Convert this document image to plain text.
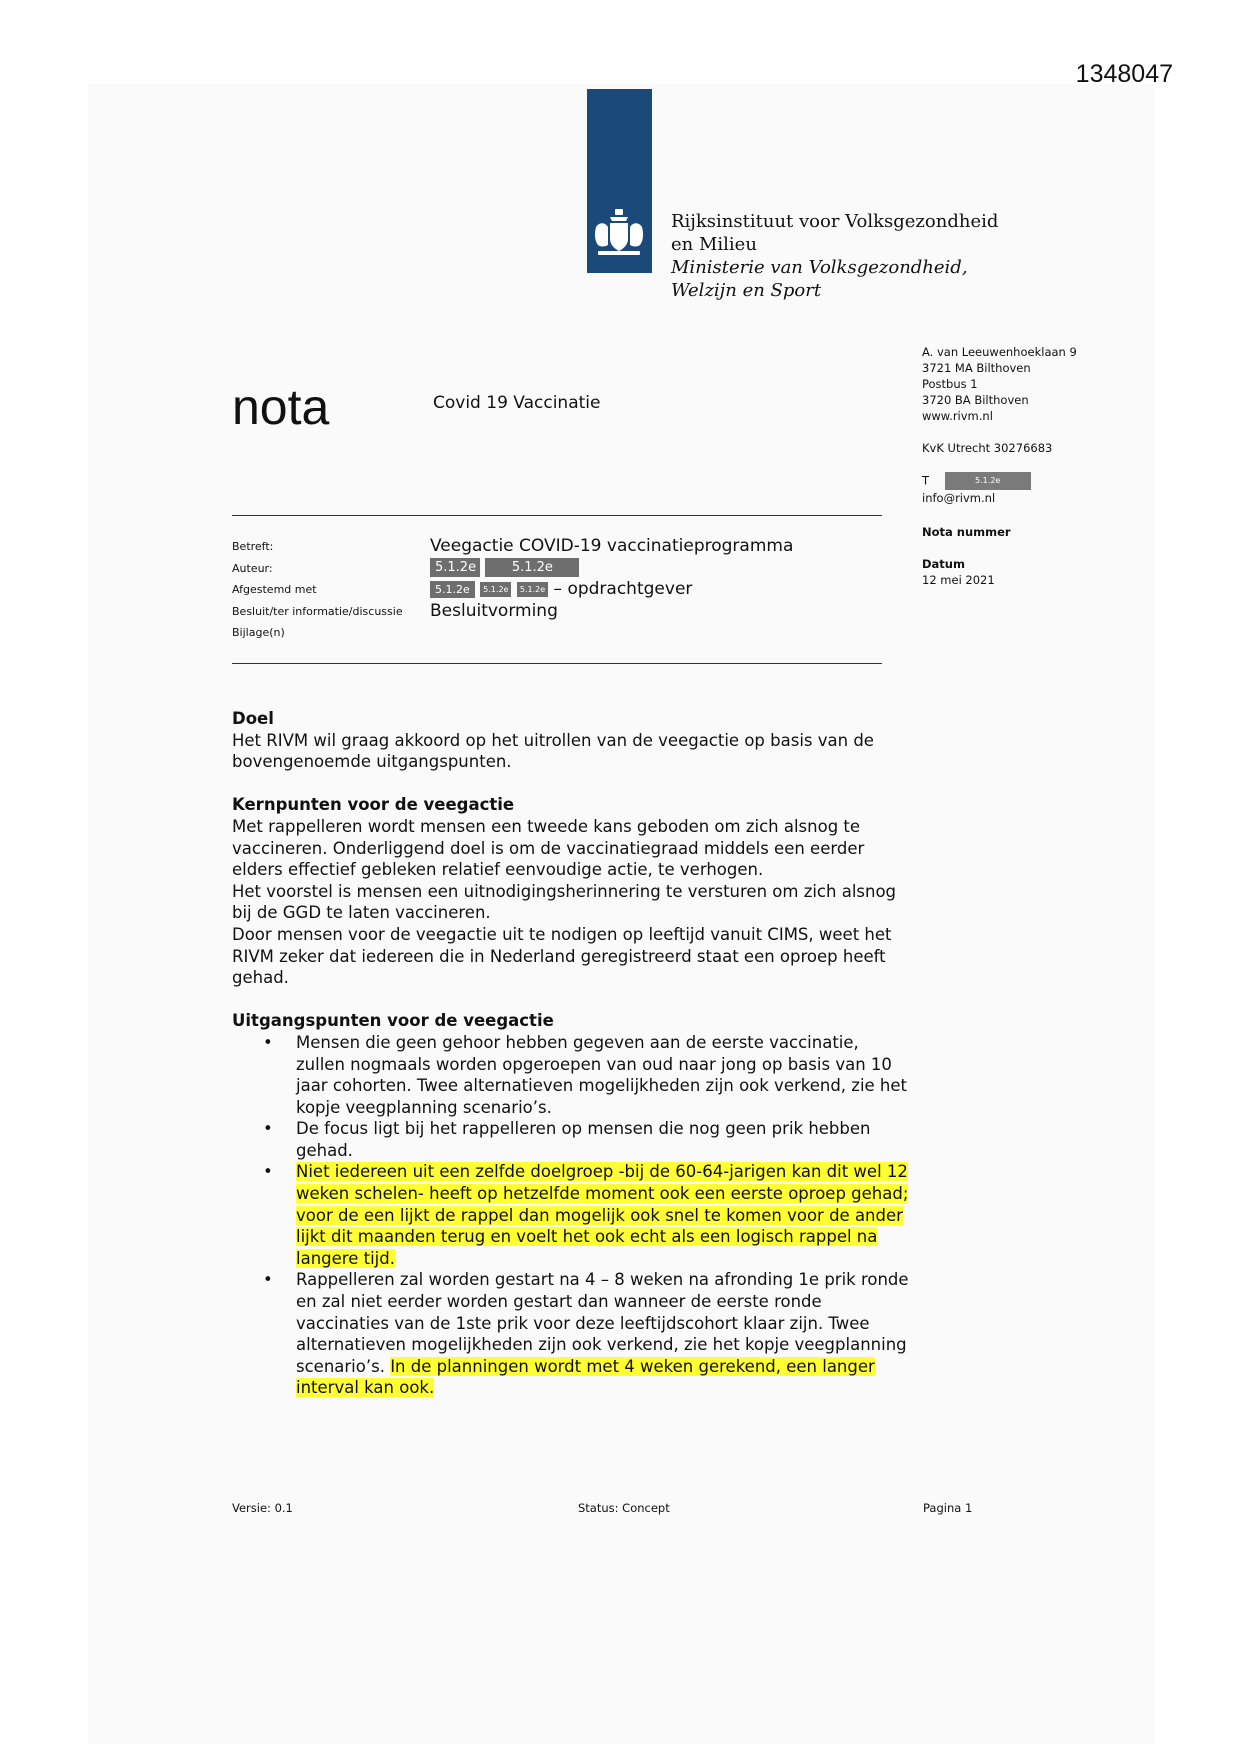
1348047
Rijksinstituut voor Volksgezondheid
en Milieu
Ministerie van Volksgezondheid,
Welzijn en Sport
nota	Covid 19 Vaccinatie
A. van Leeuwenhoeklaan 9
3721 MA Bilthoven
Postbus 1
3720 BA Bilthoven
www.rivm.nl
KvK Utrecht 30276683
T	5.1.2e
info@rivm.nl
Nota nummer
Datum
12 mei 2021
Betreft:	Veegactie COVID-19 vaccinatieprogramma
Auteur:	5.1.2e	5.1.2e
Afgestemd met	5.1.2e 5.1.2e 5.1.2e – opdrachtgever
Besluit/ter informatie/discussie Besluitvorming
Bijlage(n)
Doel

Het RIVM wil graag akkoord op het uitrollen van de veegactie op basis van de bovengenoemde uitgangspunten.

Kernpunten voor de veegactie

Met rappelleren wordt mensen een tweede kans geboden om zich alsnog te vaccineren. Onderliggend doel is om de vaccinatiegraad middels een eerder elders effectief gebleken relatief eenvoudige actie, te verhogen.

Het voorstel is mensen een uitnodigingsherinnering te versturen om zich alsnog bij de GGD te laten vaccineren.

Door mensen voor de veegactie uit te nodigen op leeftijd vanuit CIMS, weet het RIVM zeker dat iedereen die in Nederland geregistreerd staat een oproep heeft gehad.

Uitgangspunten voor de veegactie
• Mensen die geen gehoor hebben gegeven aan de eerste vaccinatie, zullen nogmaals worden opgeroepen van oud naar jong op basis van 10 jaar cohorten. Twee alternatieven mogelijkheden zijn ook verkend, zie het kopje veegplanning scenario’s.
• De focus ligt bij het rappelleren op mensen die nog geen prik hebben gehad.
• Niet iedereen uit een zelfde doelgroep -bij de 60-64-jarigen kan dit wel 12 weken schelen- heeft op hetzelfde moment ook een eerste oproep gehad; voor de een lijkt de rappel dan mogelijk ook snel te komen voor de ander lijkt dit maanden terug en voelt het ook echt als een logisch rappel na langere tijd.
• Rappelleren zal worden gestart na 4 – 8 weken na afronding 1e prik ronde en zal niet eerder worden gestart dan wanneer de eerste ronde vaccinaties van de 1ste prik voor deze leeftijdscohort klaar zijn. Twee alternatieven mogelijkheden zijn ook verkend, zie het kopje veegplanning scenario’s. In de planningen wordt met 4 weken gerekend, een langer interval kan ook.
Versie: 0.1	Status: Concept	Pagina 1
